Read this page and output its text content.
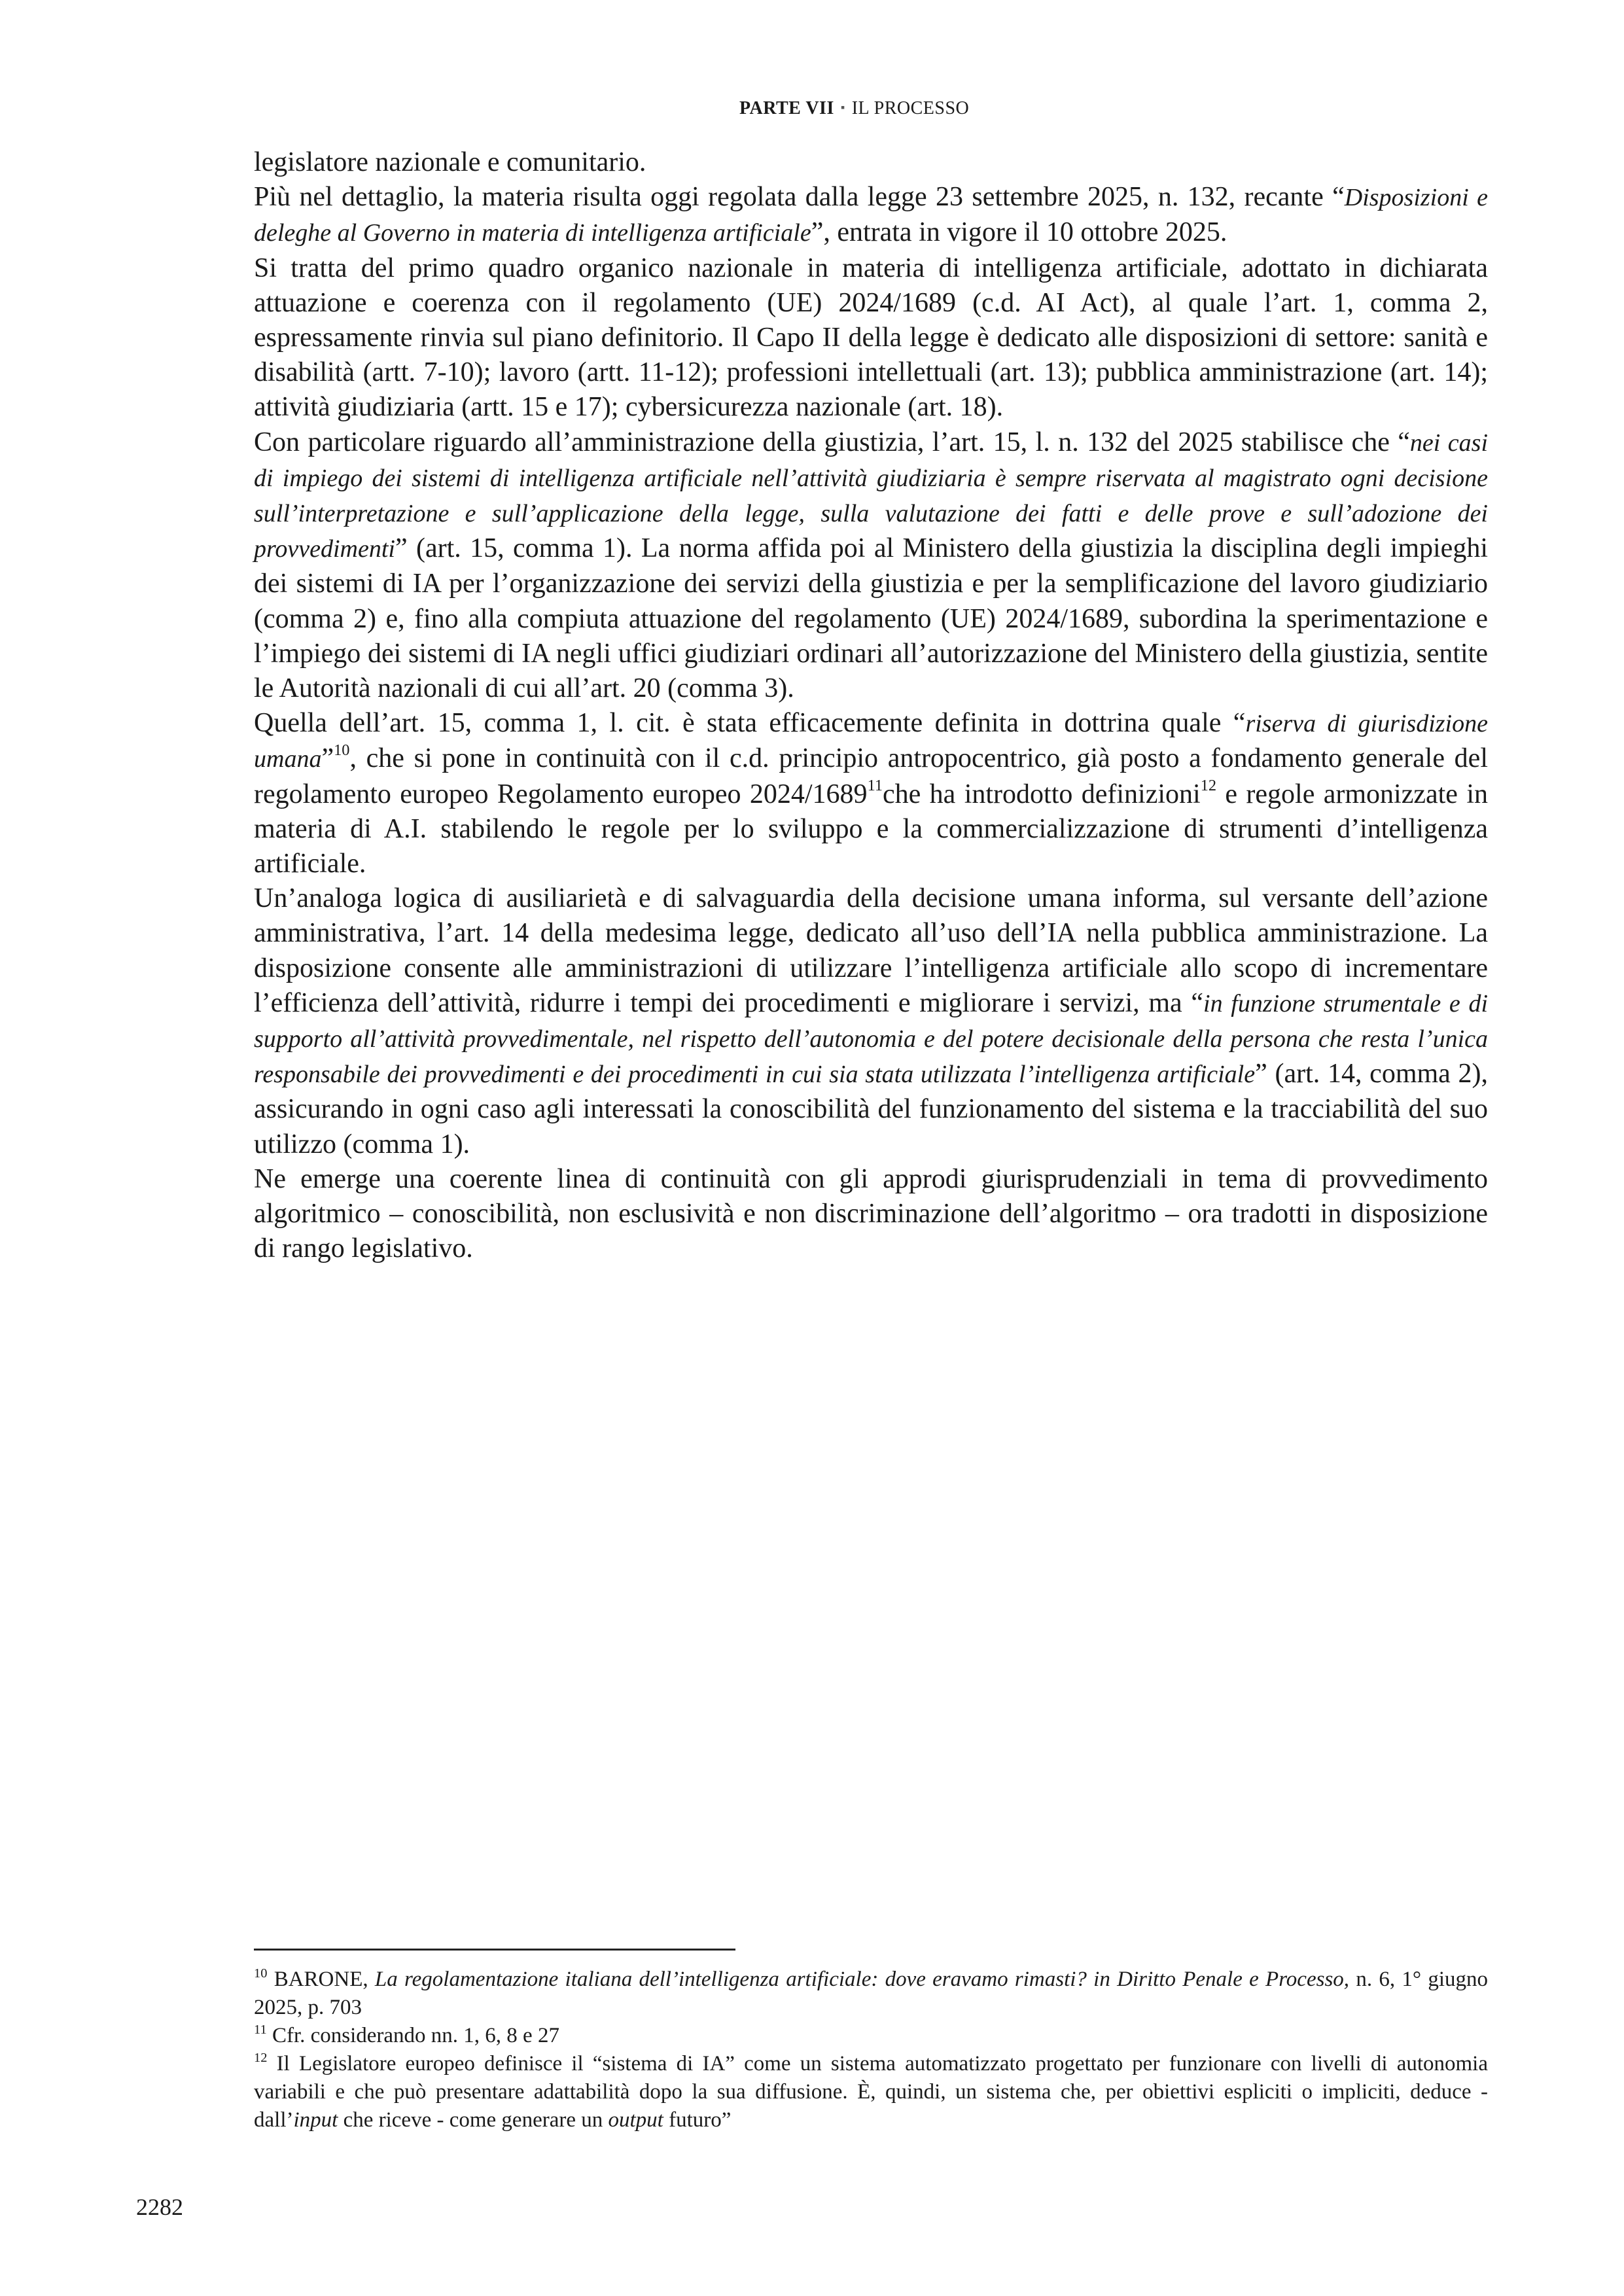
PARTE VII ▪ IL PROCESSO

legislatore nazionale e comunitario.

Più nel dettaglio, la materia risulta oggi regolata dalla legge 23 settembre 2025, n. 132, recante “Disposizioni e deleghe al Governo in materia di intelligenza artificiale”, entrata in vigore il 10 ottobre 2025.

Si tratta del primo quadro organico nazionale in materia di intelligenza artificiale, adottato in dichiarata attuazione e coerenza con il regolamento (UE) 2024/1689 (c.d. AI Act), al quale l’art. 1, comma 2, espressamente rinvia sul piano definitorio. Il Capo II della legge è dedicato alle disposizioni di settore: sanità e disabilità (artt. 7-10); lavoro (artt. 11-12); professioni intellettuali (art. 13); pubblica amministrazione (art. 14); attività giudiziaria (artt. 15 e 17); cybersicurezza nazionale (art. 18).

Con particolare riguardo all’amministrazione della giustizia, l’art. 15, l. n. 132 del 2025 stabilisce che “nei casi di impiego dei sistemi di intelligenza artificiale nell’attività giudiziaria è sempre riservata al magistrato ogni decisione sull’interpretazione e sull’applicazione della legge, sulla valutazione dei fatti e delle prove e sull’adozione dei provvedimenti” (art. 15, comma 1). La norma affida poi al Ministero della giustizia la disciplina degli impieghi dei sistemi di IA per l’organizzazione dei servizi della giustizia e per la semplificazione del lavoro giudiziario (comma 2) e, fino alla compiuta attuazione del regolamento (UE) 2024/1689, subordina la sperimentazione e l’impiego dei sistemi di IA negli uffici giudiziari ordinari all’autorizzazione del Ministero della giustizia, sentite le Autorità nazionali di cui all’art. 20 (comma 3).

Quella dell’art. 15, comma 1, l. cit. è stata efficacemente definita in dottrina quale “riserva di giurisdizione umana”$^{10}$, che si pone in continuità con il c.d. principio antropocentrico, già posto a fondamento generale del regolamento europeo Regolamento europeo 2024/1689$^{11}$che ha introdotto definizioni$^{12}$ e regole armonizzate in materia di A.I. stabilendo le regole per lo sviluppo e la commercializzazione di strumenti d’intelligenza artificiale.

Un’analoga logica di ausiliarietà e di salvaguardia della decisione umana informa, sul versante dell’azione amministrativa, l’art. 14 della medesima legge, dedicato all’uso dell’IA nella pubblica amministrazione. La disposizione consente alle amministrazioni di utilizzare l’intelligenza artificiale allo scopo di incrementare l’efficienza dell’attività, ridurre i tempi dei procedimenti e migliorare i servizi, ma “in funzione strumentale e di supporto all’attività provvedimentale, nel rispetto dell’autonomia e del potere decisionale della persona che resta l’unica responsabile dei provvedimenti e dei procedimenti in cui sia stata utilizzata l’intelligenza artificiale” (art. 14, comma 2), assicurando in ogni caso agli interessati la conoscibilità del funzionamento del sistema e la tracciabilità del suo utilizzo (comma 1).

Ne emerge una coerente linea di continuità con gli approdi giurisprudenziali in tema di provvedimento algoritmico – conoscibilità, non esclusività e non discriminazione dell’algoritmo – ora tradotti in disposizione di rango legislativo.

$^{10}$ BARONE, La regolamentazione italiana dell’intelligenza artificiale: dove eravamo rimasti? in Diritto Penale e Processo, n. 6, 1° giugno 2025, p. 703

$^{11}$ Cfr. considerando nn. 1, 6, 8 e 27

$^{12}$ Il Legislatore europeo definisce il “sistema di IA” come un sistema automatizzato progettato per funzionare con livelli di autonomia variabili e che può presentare adattabilità dopo la sua diffusione. È, quindi, un sistema che, per obiettivi espliciti o impliciti, deduce - dall’input che riceve - come generare un output futuro”

2282
